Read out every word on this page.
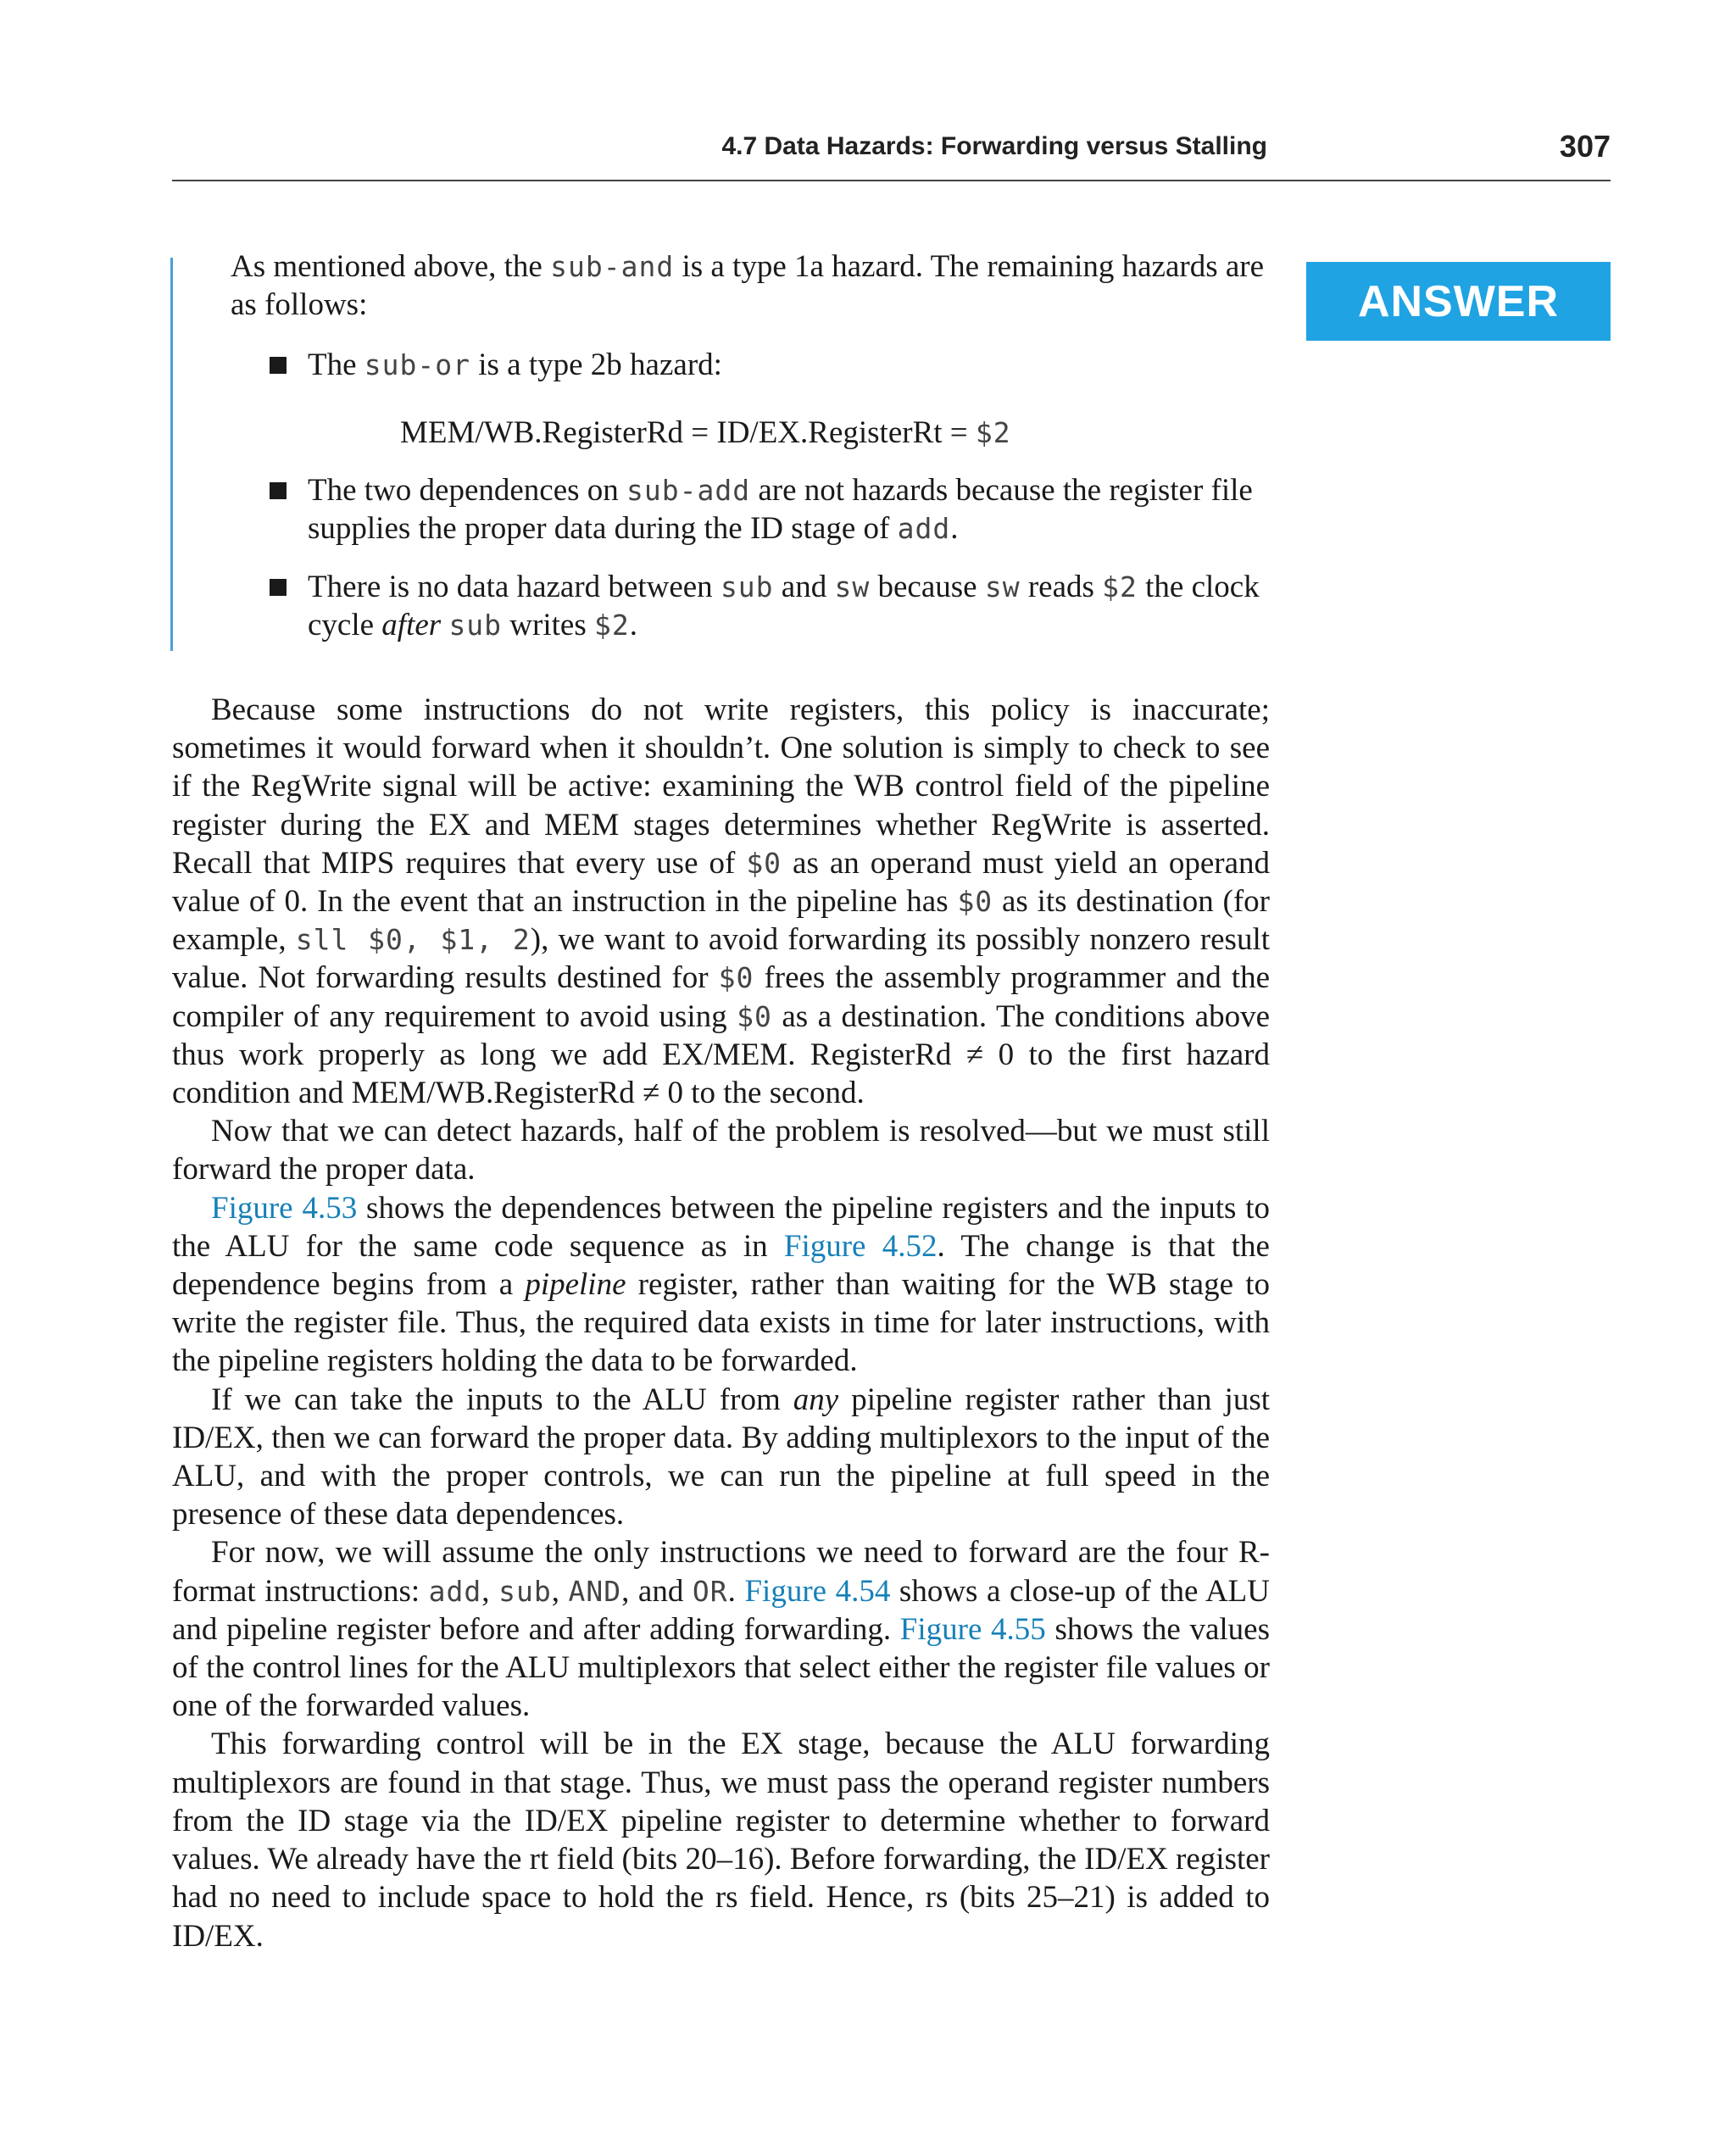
4.7 Data Hazards: Forwarding versus Stalling	307
ANSWER

As mentioned above, the sub-and is a type 1a hazard. The remaining hazards are as follows:

The sub-or is a type 2b hazard:

MEM/WB.RegisterRd = ID/EX.RegisterRt = $2

The two dependences on sub-add are not hazards because the register file supplies the proper data during the ID stage of add.

There is no data hazard between sub and sw because sw reads $2 the clock cycle after sub writes $2.

Because some instructions do not write registers, this policy is inaccurate; sometimes it would forward when it shouldn’t. One solution is simply to check to see if the RegWrite signal will be active: examining the WB control field of the pipeline register during the EX and MEM stages determines whether RegWrite is asserted. Recall that MIPS requires that every use of $0 as an operand must yield an operand value of 0. In the event that an instruction in the pipeline has $0 as its destination (for example, sll $0, $1, 2), we want to avoid forwarding its possibly nonzero result value. Not forwarding results destined for $0 frees the assembly programmer and the compiler of any requirement to avoid using $0 as a destination. The conditions above thus work properly as long we add EX/MEM. RegisterRd ≠ 0 to the first hazard condition and MEM/WB.RegisterRd ≠ 0 to the second.

Now that we can detect hazards, half of the problem is resolved—but we must still forward the proper data.

Figure 4.53 shows the dependences between the pipeline registers and the inputs to the ALU for the same code sequence as in Figure 4.52. The change is that the dependence begins from a pipeline register, rather than waiting for the WB stage to write the register file. Thus, the required data exists in time for later instructions, with the pipeline registers holding the data to be forwarded.

If we can take the inputs to the ALU from any pipeline register rather than just ID/EX, then we can forward the proper data. By adding multiplexors to the input of the ALU, and with the proper controls, we can run the pipeline at full speed in the presence of these data dependences.

For now, we will assume the only instructions we need to forward are the four R-format instructions: add, sub, AND, and OR. Figure 4.54 shows a close-up of the ALU and pipeline register before and after adding forwarding. Figure 4.55 shows the values of the control lines for the ALU multiplexors that select either the register file values or one of the forwarded values.

This forwarding control will be in the EX stage, because the ALU forwarding multiplexors are found in that stage. Thus, we must pass the operand register numbers from the ID stage via the ID/EX pipeline register to determine whether to forward values. We already have the rt field (bits 20–16). Before forwarding, the ID/EX register had no need to include space to hold the rs field. Hence, rs (bits 25–21) is added to ID/EX.
